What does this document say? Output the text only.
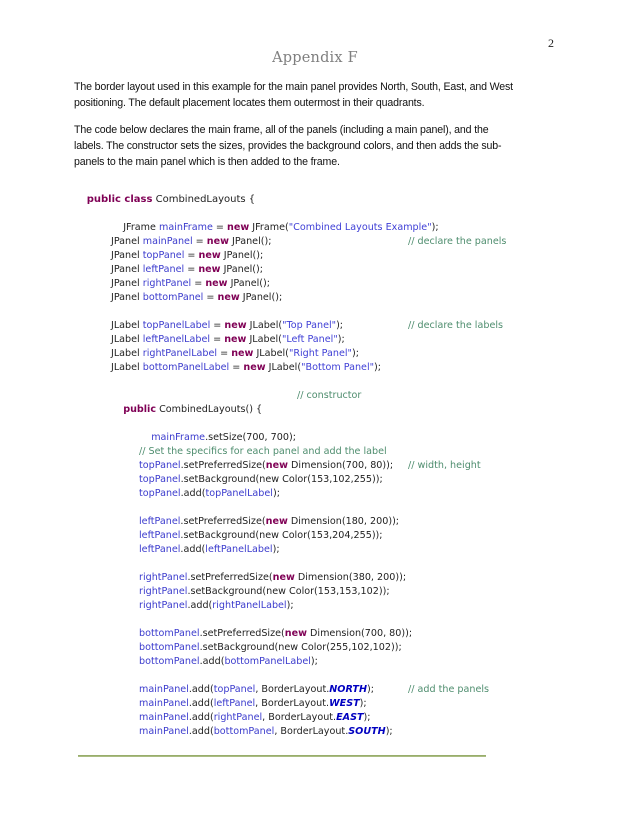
2
Appendix F

The border layout used in this example for the main panel provides North, South, East, and West

positioning. The default placement locates them outermost in their quadrants.

The code below declares the main frame, all of the panels (including a main panel), and the

labels. The constructor sets the sizes, provides the background colors, and then adds the sub-

panels to the main panel which is then added to the frame.

public class CombinedLayouts {

JFrame mainFrame = new JFrame("Combined Layouts Example");

JPanel mainPanel = new JPanel();
JPanel topPanel = new JPanel();
JPanel leftPanel = new JPanel();
JPanel rightPanel = new JPanel();
JPanel bottomPanel = new JPanel();
// declare the panels
JLabel topPanelLabel = new JLabel("Top Panel");
JLabel leftPanelLabel = new JLabel("Left Panel");
JLabel rightPanelLabel = new JLabel("Right Panel");
JLabel bottomPanelLabel = new JLabel("Bottom Panel");
// declare the labels

public CombinedLayouts() {

// constructor

mainFrame.setSize(700, 700);

// Set the specifics for each panel and add the label
topPanel.setPreferredSize(new Dimension(700, 80));
topPanel.setBackground(new Color(153,102,255));
topPanel.add(topPanelLabel);
leftPanel.setPreferredSize(new Dimension(180, 200));
leftPanel.setBackground(new Color(153,204,255));
leftPanel.add(leftPanelLabel);
rightPanel.setPreferredSize(new Dimension(380, 200));
rightPanel.setBackground(new Color(153,153,102));
rightPanel.add(rightPanelLabel);
bottomPanel.setPreferredSize(new Dimension(700, 80));
bottomPanel.setBackground(new Color(255,102,102));
bottomPanel.add(bottomPanelLabel);
// width, height
mainPanel.add(topPanel, BorderLayout.NORTH);
mainPanel.add(leftPanel, BorderLayout.WEST);
mainPanel.add(rightPanel, BorderLayout.EAST);
mainPanel.add(bottomPanel, BorderLayout.SOUTH);
// add the panels
